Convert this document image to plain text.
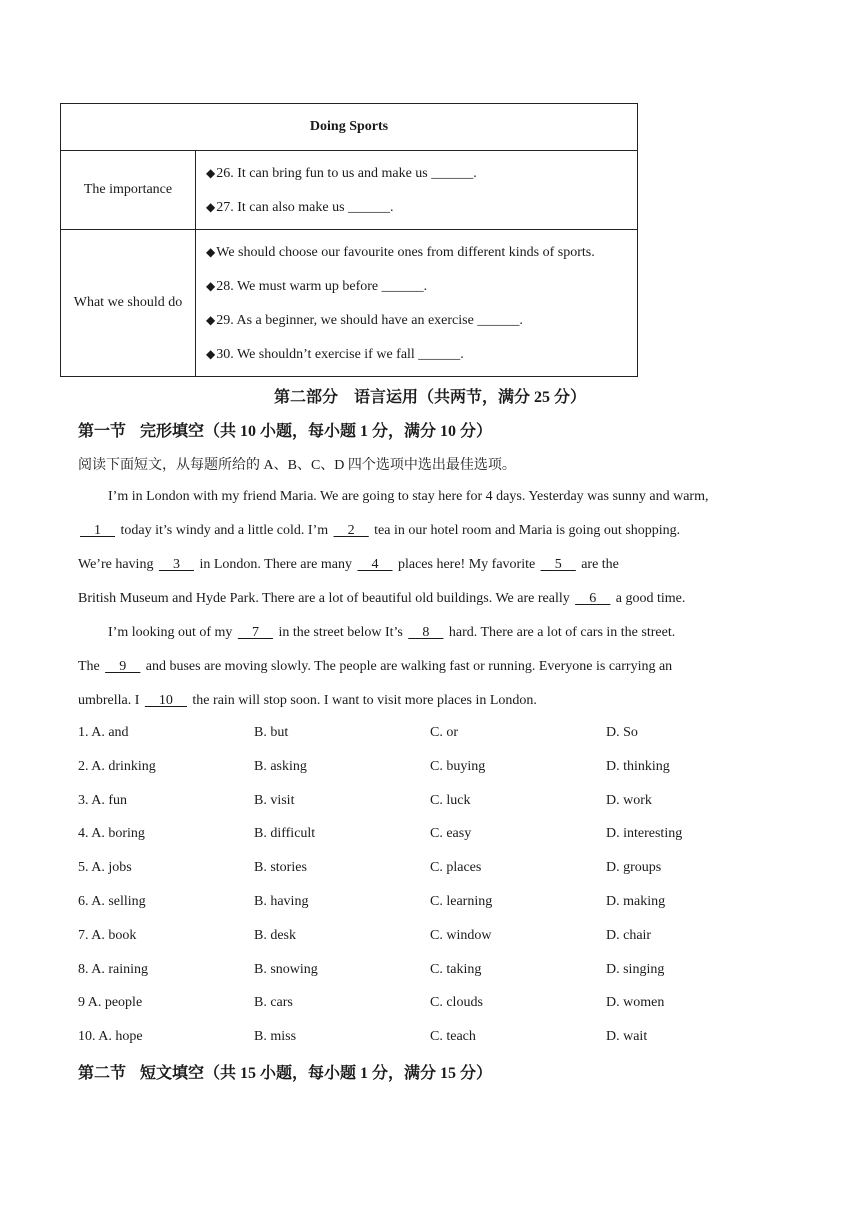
Doing Sports	
The importance	◆26. It can bring fun to us and make us ______.
◆27. It can also make us ______.

What we should do	◆We should choose our favourite ones from different kinds of sports.
◆28. We must warm up before ______.
◆29. As a beginner, we should have an exercise ______.
◆30. We shouldn’t exercise if we fall ______.
第二部分　语言运用（共两节，满分 25 分）
第一节 完形填空（共 10 小题，每小题 1 分，满分 10 分）
阅读下面短文，从每题所给的 A、B、C、D 四个选项中选出最佳选项。
I’m in London with my friend Maria. We are going to stay here for 4 days. Yesterday was sunny and warm,
1 today it’s windy and a little cold. I’m 2 tea in our hotel room and Maria is going out shopping.
We’re having 3 in London. There are many 4 places here! My favorite 5 are the
British Museum and Hyde Park. There are a lot of beautiful old buildings. We are really 6 a good time.
I’m looking out of my 7 in the street below It’s 8 hard. There are a lot of cars in the street.
The 9 and buses are moving slowly. The people are walking fast or running. Everyone is carrying an
umbrella. I 10 the rain will stop soon. I want to visit more places in London.
1. A. and	B. but	C. or	D. So
2. A. drinking	B. asking	C. buying	D. thinking
3. A. fun	B. visit	C. luck	D. work
4. A. boring	B. difficult	C. easy	D. interesting
5. A. jobs	B. stories	C. places	D. groups
6. A. selling	B. having	C. learning	D. making
7. A. book	B. desk	C. window	D. chair
8. A. raining	B. snowing	C. taking	D. singing
9 A. people	B. cars	C. clouds	D. women
10. A. hope	B. miss	C. teach	D. wait
第二节 短文填空（共 15 小题，每小题 1 分，满分 15 分）
